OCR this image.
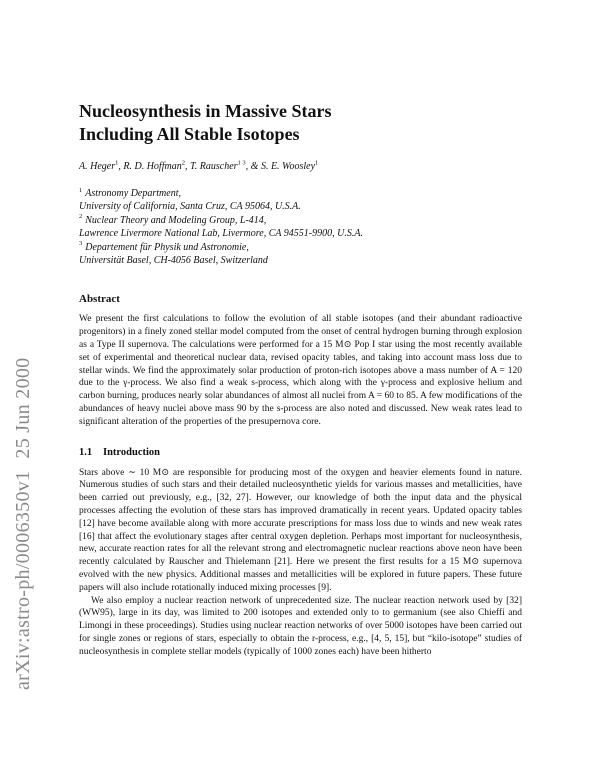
arXiv:astro-ph/0006350v125 Jun 2000
Nucleosynthesis in Massive Stars
Including All Stable Isotopes
A. Heger$^1$, R. D. Hoffman$^2$, T. Rauscher$^{1 3}$, & S. E. Woosley$^1$
$^1$ Astronomy Department,
University of California, Santa Cruz, CA 95064, U.S.A.
$^2$ Nuclear Theory and Modeling Group, L-414,
Lawrence Livermore National Lab, Livermore, CA 94551-9900, U.S.A.
$^3$ Departement für Physik und Astronomie,
Universität Basel, CH-4056 Basel, Switzerland
Abstract

We present the first calculations to follow the evolution of all stable isotopes (and their abundant radioactive progenitors) in a finely zoned stellar model computed from the onset of central hydrogen burning through explosion as a Type II supernova. The calculations were performed for a 15 M⊙ Pop I star using the most recently available set of experimental and theoretical nuclear data, revised opacity tables, and taking into account mass loss due to stellar winds. We find the approximately solar production of proton-rich isotopes above a mass number of A = 120 due to the γ-process. We also find a weak s-process, which along with the γ-process and explosive helium and carbon burning, produces nearly solar abundances of almost all nuclei from A = 60 to 85. A few modifications of the abundances of heavy nuclei above mass 90 by the s-process are also noted and discussed. New weak rates lead to significant alteration of the properties of the presupernova core.

1.1 Introduction

Stars above ∼ 10 M⊙ are responsible for producing most of the oxygen and heavier elements found in nature. Numerous studies of such stars and their detailed nucleosynthetic yields for various masses and metallicities, have been carried out previously, e.g., [32, 27]. However, our knowledge of both the input data and the physical processes affecting the evolution of these stars has improved dramatically in recent years. Updated opacity tables [12] have become available along with more accurate prescriptions for mass loss due to winds and new weak rates [16] that affect the evolutionary stages after central oxygen depletion. Perhaps most important for nucleosynthesis, new, accurate reaction rates for all the relevant strong and electromagnetic nuclear reactions above neon have been recently calculated by Rauscher and Thielemann [21]. Here we present the first results for a 15 M⊙ supernova evolved with the new physics. Additional masses and metallicities will be explored in future papers. These future papers will also include rotationally induced mixing processes [9].

We also employ a nuclear reaction network of unprecedented size. The nuclear reaction network used by [32] (WW95), large in its day, was limited to 200 isotopes and extended only to to germanium (see also Chieffi and Limongi in these proceedings). Studies using nuclear reaction networks of over 5000 isotopes have been carried out for single zones or regions of stars, especially to obtain the r-process, e.g., [4, 5, 15], but “kilo-isotope” studies of nucleosynthesis in complete stellar models (typically of 1000 zones each) have been hitherto
